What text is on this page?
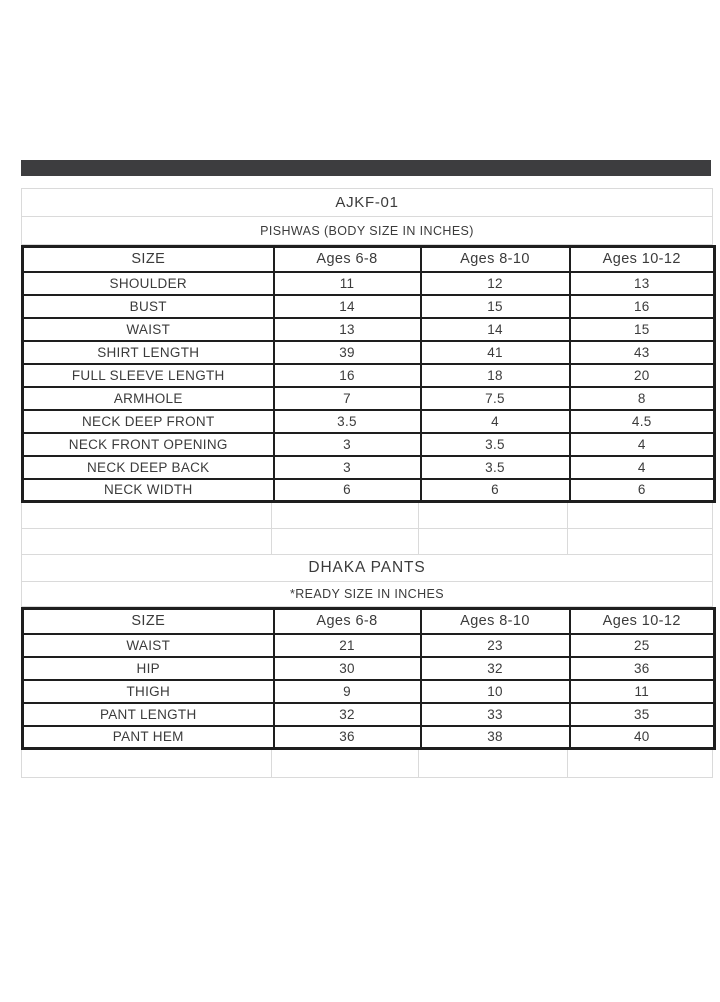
AJKF-01
PISHWAS (BODY SIZE IN INCHES)
SIZE	Ages 6-8	Ages 8-10	Ages 10-12
SHOULDER	11	12	13
BUST	14	15	16
WAIST	13	14	15
SHIRT LENGTH	39	41	43
FULL SLEEVE LENGTH	16	18	20
ARMHOLE	7	7.5	8
NECK DEEP FRONT	3.5	4	4.5
NECK FRONT OPENING	3	3.5	4
NECK DEEP BACK	3	3.5	4
NECK WIDTH	6	6	6
DHAKA PANTS
*READY SIZE IN INCHES
SIZE	Ages 6-8	Ages 8-10	Ages 10-12
WAIST	21	23	25
HIP	30	32	36
THIGH	9	10	11
PANT LENGTH	32	33	35
PANT HEM	36	38	40
